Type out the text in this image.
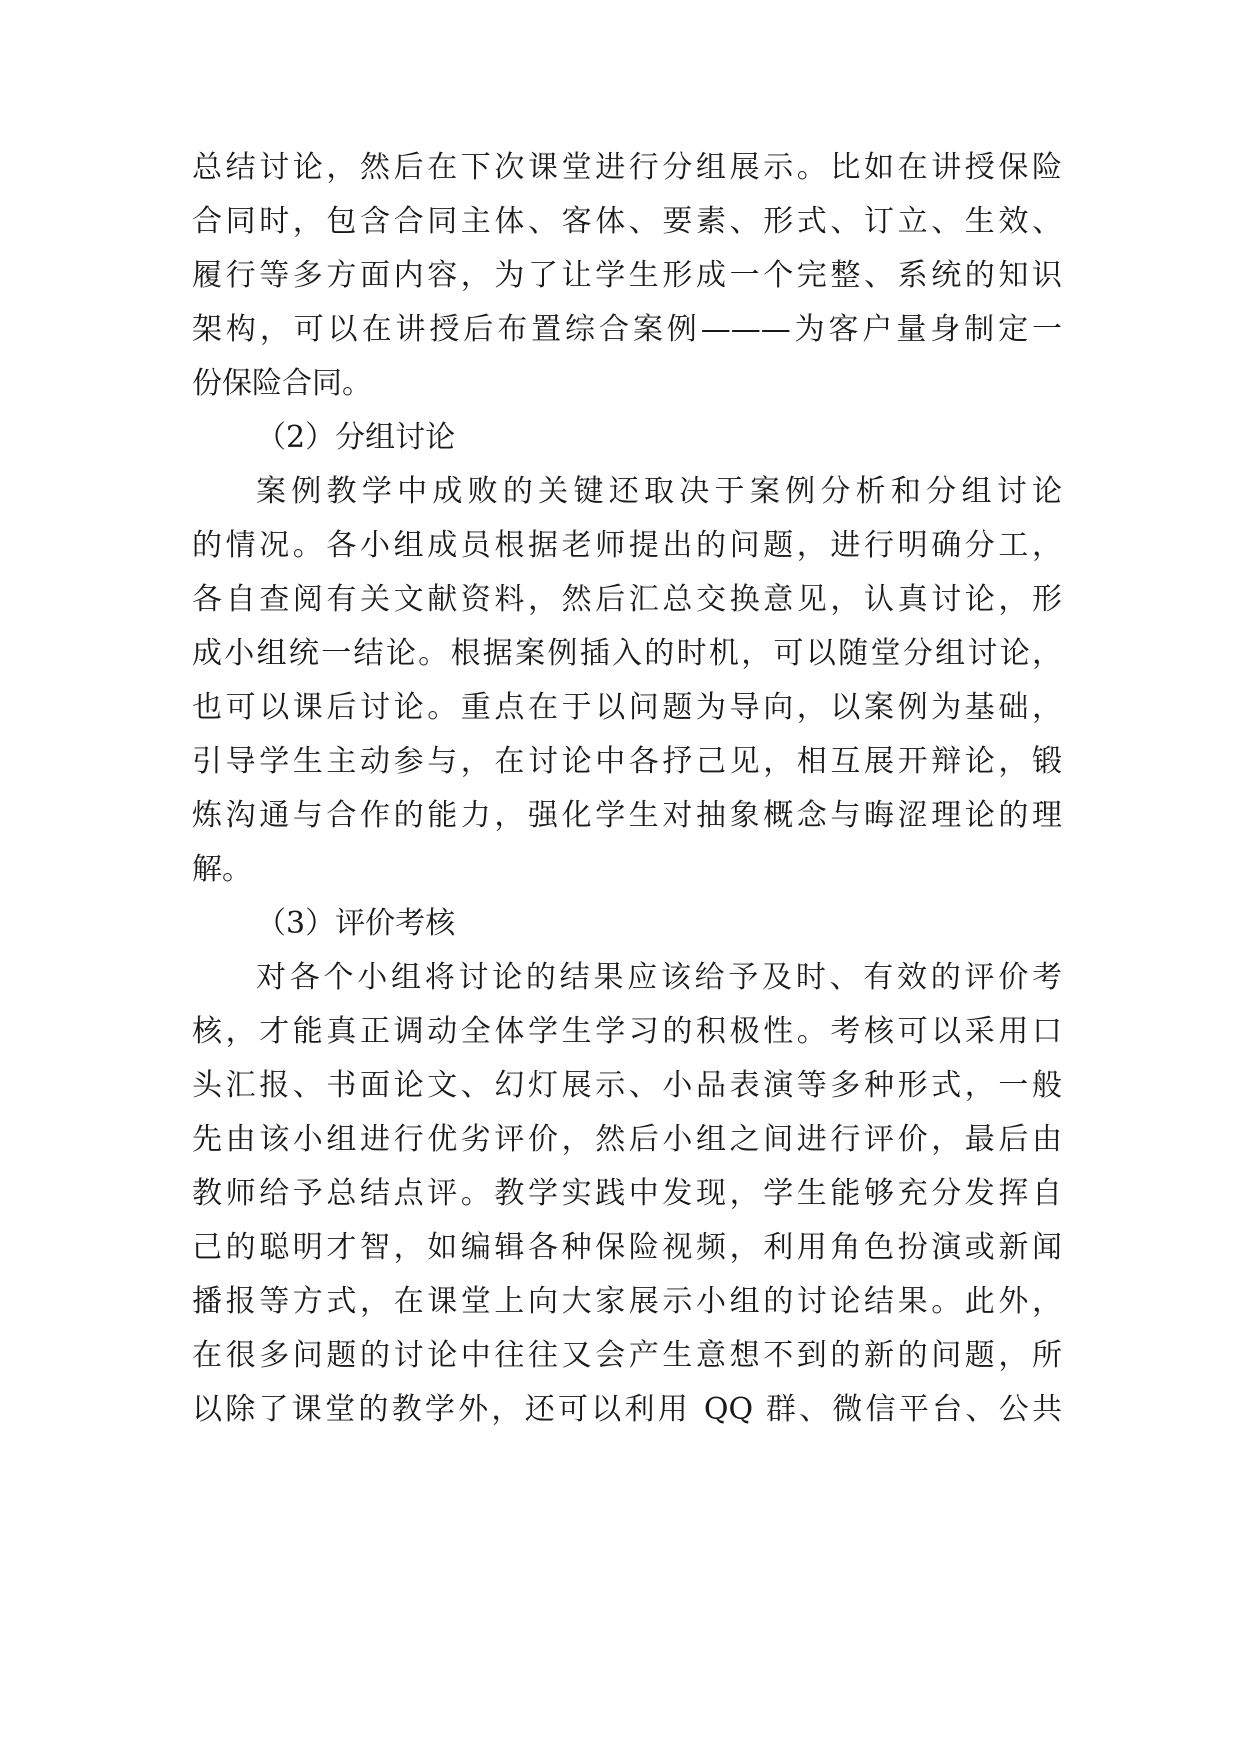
总结讨论，然后在下次课堂进行分组展示。比如在讲授保险
合同时，包含合同主体、客体、要素、形式、订立、生效、
履行等多方面内容，为了让学生形成一个完整、系统的知识
架构，可以在讲授后布置综合案例———为客户量身制定一
份保险合同。
（2）分组讨论
案例教学中成败的关键还取决于案例分析和分组讨论
的情况。各小组成员根据老师提出的问题，进行明确分工，
各自查阅有关文献资料，然后汇总交换意见，认真讨论，形
成小组统一结论。根据案例插入的时机，可以随堂分组讨论，
也可以课后讨论。重点在于以问题为导向，以案例为基础，
引导学生主动参与，在讨论中各抒己见，相互展开辩论，锻
炼沟通与合作的能力，强化学生对抽象概念与晦涩理论的理
解。
（3）评价考核
对各个小组将讨论的结果应该给予及时、有效的评价考
核，才能真正调动全体学生学习的积极性。考核可以采用口
头汇报、书面论文、幻灯展示、小品表演等多种形式，一般
先由该小组进行优劣评价，然后小组之间进行评价，最后由
教师给予总结点评。教学实践中发现，学生能够充分发挥自
己的聪明才智，如编辑各种保险视频，利用角色扮演或新闻
播报等方式，在课堂上向大家展示小组的讨论结果。此外，
在很多问题的讨论中往往又会产生意想不到的新的问题，所
以除了课堂的教学外，还可以利用 QQ 群、微信平台、公共
